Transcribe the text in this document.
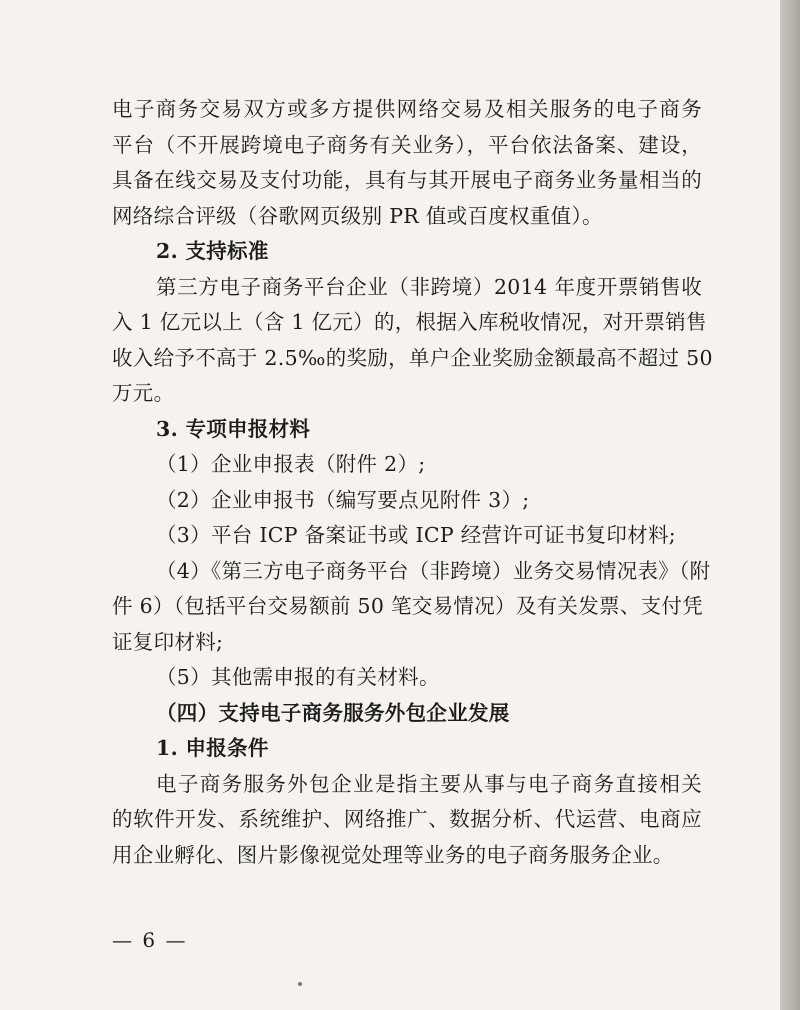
电子商务交易双方或多方提供网络交易及相关服务的电子商务
平台（不开展跨境电子商务有关业务），平台依法备案、建设，
具备在线交易及支付功能，具有与其开展电子商务业务量相当的
网络综合评级（谷歌网页级别 PR 值或百度权重值）。
2. 支持标准
第三方电子商务平台企业（非跨境）2014 年度开票销售收
入 1 亿元以上（含 1 亿元）的，根据入库税收情况，对开票销售
收入给予不高于 2.5‰的奖励，单户企业奖励金额最高不超过 50
万元。
3. 专项申报材料
（1）企业申报表（附件 2）;
（2）企业申报书（编写要点见附件 3）;
（3）平台 ICP 备案证书或 ICP 经营许可证书复印材料;
（4）《第三方电子商务平台（非跨境）业务交易情况表》（附
件 6）（包括平台交易额前 50 笔交易情况）及有关发票、支付凭
证复印材料;
（5）其他需申报的有关材料。
（四）支持电子商务服务外包企业发展
1. 申报条件
电子商务服务外包企业是指主要从事与电子商务直接相关
的软件开发、系统维护、网络推广、数据分析、代运营、电商应
用企业孵化、图片影像视觉处理等业务的电子商务服务企业。
— 6 —
